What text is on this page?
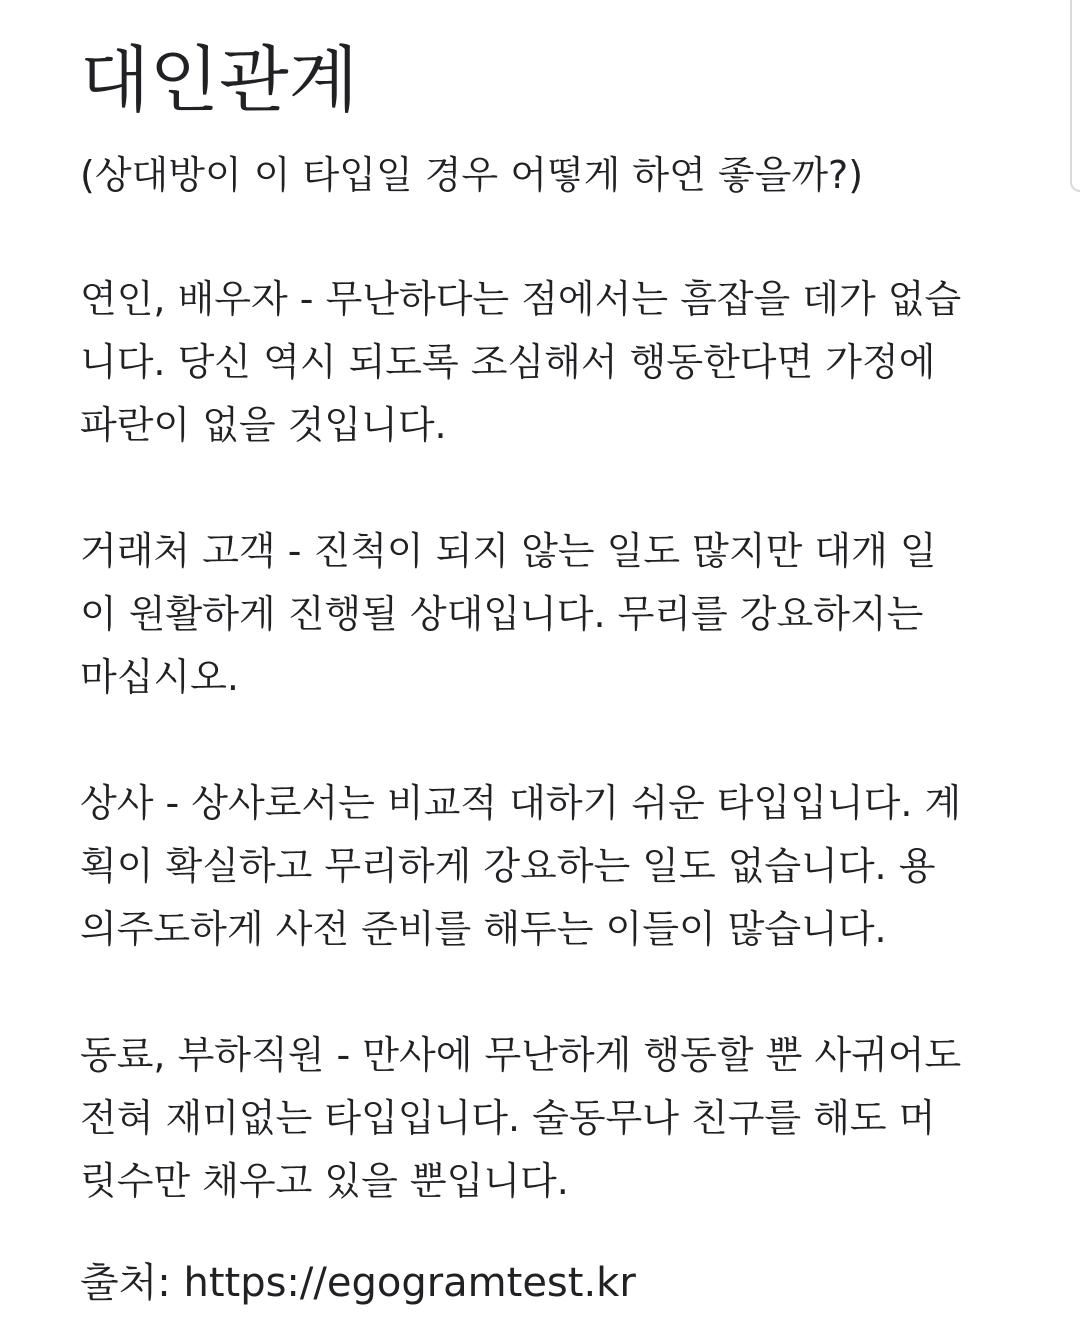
대인관계
(상대방이 이 타입일 경우 어떻게 하연 좋을까?)
연인, 배우자 - 무난하다는 점에서는 흠잡을 데가 없습
니다. 당신 역시 되도록 조심해서 행동한다면 가정에
파란이 없을 것입니다.
거래처 고객 - 진척이 되지 않는 일도 많지만 대개 일
이 원활하게 진행될 상대입니다. 무리를 강요하지는
마십시오.
상사 - 상사로서는 비교적 대하기 쉬운 타입입니다. 계
획이 확실하고 무리하게 강요하는 일도 없습니다. 용
의주도하게 사전 준비를 해두는 이들이 많습니다.
동료, 부하직원 - 만사에 무난하게 행동할 뿐 사귀어도
전혀 재미없는 타입입니다. 술동무나 친구를 해도 머
릿수만 채우고 있을 뿐입니다.
출처: https://egogramtest.kr
